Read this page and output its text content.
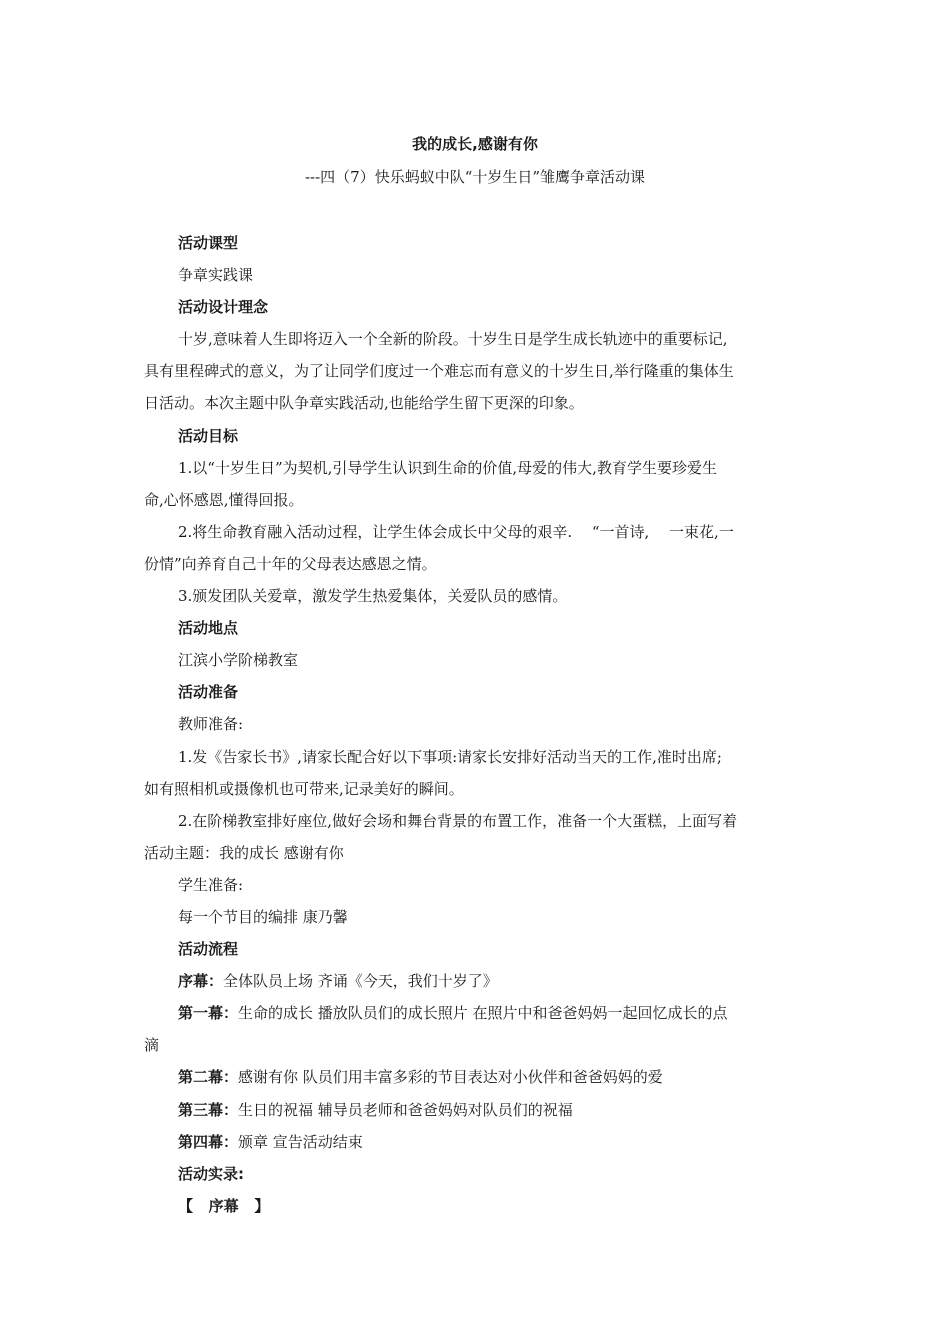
我的成长,感谢有你
---四（7）快乐蚂蚁中队“十岁生日”雏鹰争章活动课
活动课型
争章实践课
活动设计理念
十岁,意味着人生即将迈入一个全新的阶段。十岁生日是学生成长轨迹中的重要标记,
具有里程碑式的意义，为了让同学们度过一个难忘而有意义的十岁生日,举行隆重的集体生
日活动。本次主题中队争章实践活动,也能给学生留下更深的印象。
活动目标
1.以“十岁生日”为契机,引导学生认识到生命的价值,母爱的伟大,教育学生要珍爱生
命,心怀感恩,懂得回报。
2.将生命教育融入活动过程，让学生体会成长中父母的艰辛.　 “一首诗,　 一束花,一
份情”向养育自己十年的父母表达感恩之情。
3.颁发团队关爱章，激发学生热爱集体，关爱队员的感情。
活动地点
江滨小学阶梯教室
活动准备
教师准备:
1.发《告家长书》,请家长配合好以下事项:请家长安排好活动当天的工作,准时出席;
如有照相机或摄像机也可带来,记录美好的瞬间。
2.在阶梯教室排好座位,做好会场和舞台背景的布置工作，准备一个大蛋糕，上面写着
活动主题：我的成长 感谢有你
学生准备:
每一个节目的编排 康乃馨
活动流程
序幕：全体队员上场 齐诵《今天，我们十岁了》
第一幕：生命的成长 播放队员们的成长照片 在照片中和爸爸妈妈一起回忆成长的点
滴
第二幕：感谢有你 队员们用丰富多彩的节目表达对小伙伴和爸爸妈妈的爱
第三幕：生日的祝福 辅导员老师和爸爸妈妈对队员们的祝福
第四幕：颁章 宣告活动结束
活动实录:
【   序幕   】
